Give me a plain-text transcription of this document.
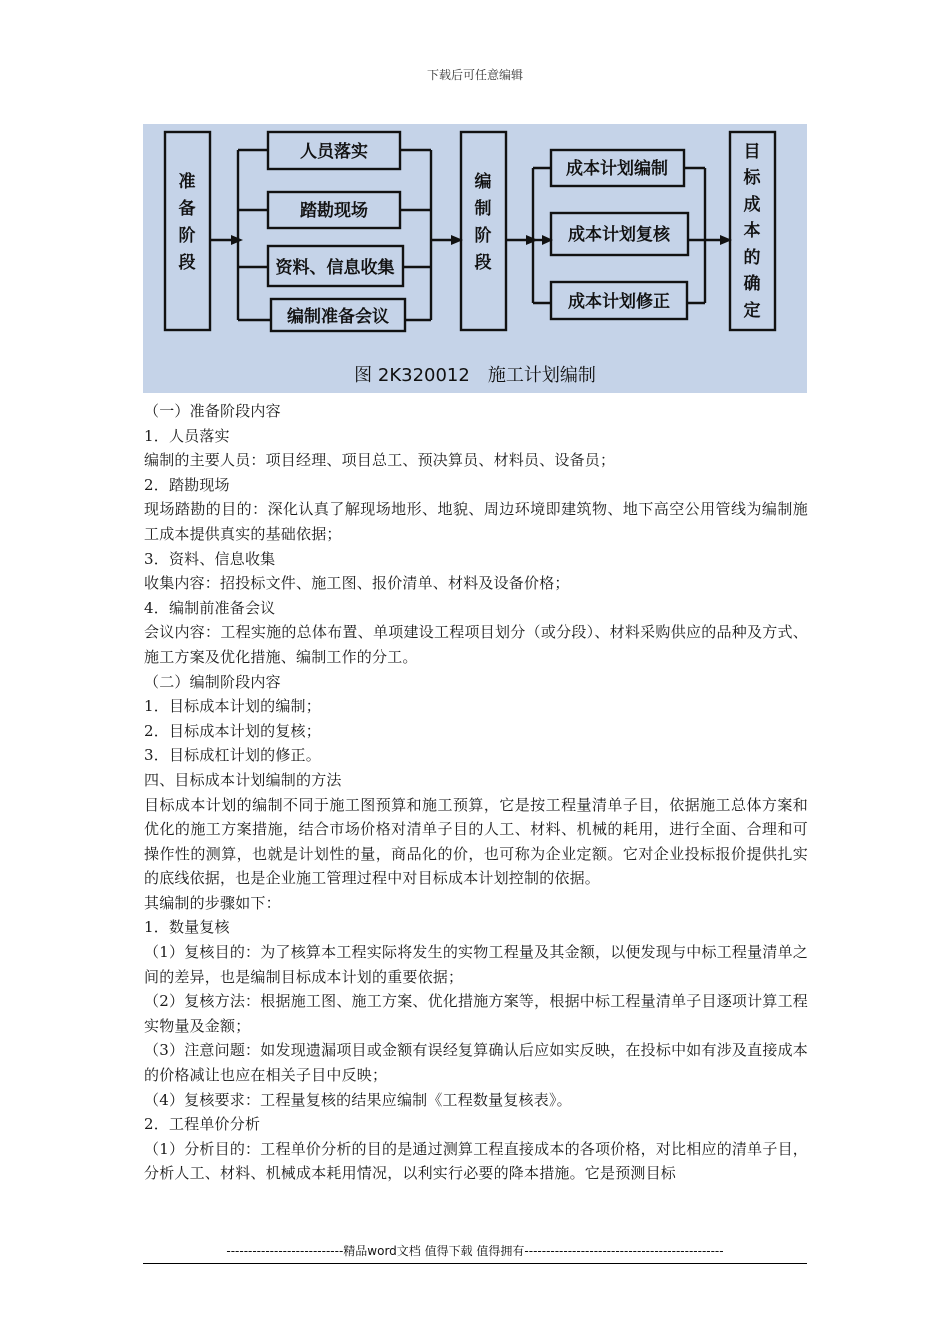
下载后可任意编辑
准
备
阶
段
人员落实
踏勘现场
资料、信息收集
编制准备会议
编
制
阶
段
成本计划编制
成本计划复核
成本计划修正
目
标
成
本
的
确
定
图 2K320012　施工计划编制

（一）准备阶段内容

1．人员落实

编制的主要人员：项目经理、项目总工、预决算员、材料员、设备员；

2．踏勘现场

现场踏勘的目的：深化认真了解现场地形、地貌、周边环境即建筑物、地下高空公用管线为编制施工成本提供真实的基础依据；

3．资料、信息收集

收集内容：招投标文件、施工图、报价清单、材料及设备价格；

4．编制前准备会议

会议内容：工程实施的总体布置、单项建设工程项目划分（或分段）、材料采购供应的品种及方式、施工方案及优化措施、编制工作的分工。

（二）编制阶段内容

1．目标成本计划的编制；

2．目标成本计划的复核；

3．目标成杠计划的修正。

四、目标成本计划编制的方法

目标成本计划的编制不同于施工图预算和施工预算，它是按工程量清单子目，依据施工总体方案和优化的施工方案措施，结合市场价格对清单子目的人工、材料、机械的耗用，进行全面、合理和可操作性的测算，也就是计划性的量，商品化的价，也可称为企业定额。它对企业投标报价提供扎实的底线依据，也是企业施工管理过程中对目标成本计划控制的依据。

其编制的步骤如下：

1．数量复核

（1）复核目的：为了核算本工程实际将发生的实物工程量及其金额，以便发现与中标工程量清单之间的差异，也是编制目标成本计划的重要依据；

（2）复核方法：根据施工图、施工方案、优化措施方案等，根据中标工程量清单子目逐项计算工程实物量及金额；

（3）注意问题：如发现遗漏项目或金额有误经复算确认后应如实反映，在投标中如有涉及直接成本的价格减让也应在相关子目中反映；

（4）复核要求：工程量复核的结果应编制《工程数量复核表》。

2．工程单价分析

（1）分析目的：工程单价分析的目的是通过测算工程直接成本的各项价格，对比相应的清单子目，分析人工、材料、机械成本耗用情况，以利实行必要的降本措施。它是预测目标

---------------------------精品word文档 值得下载 值得拥有----------------------------------------------
